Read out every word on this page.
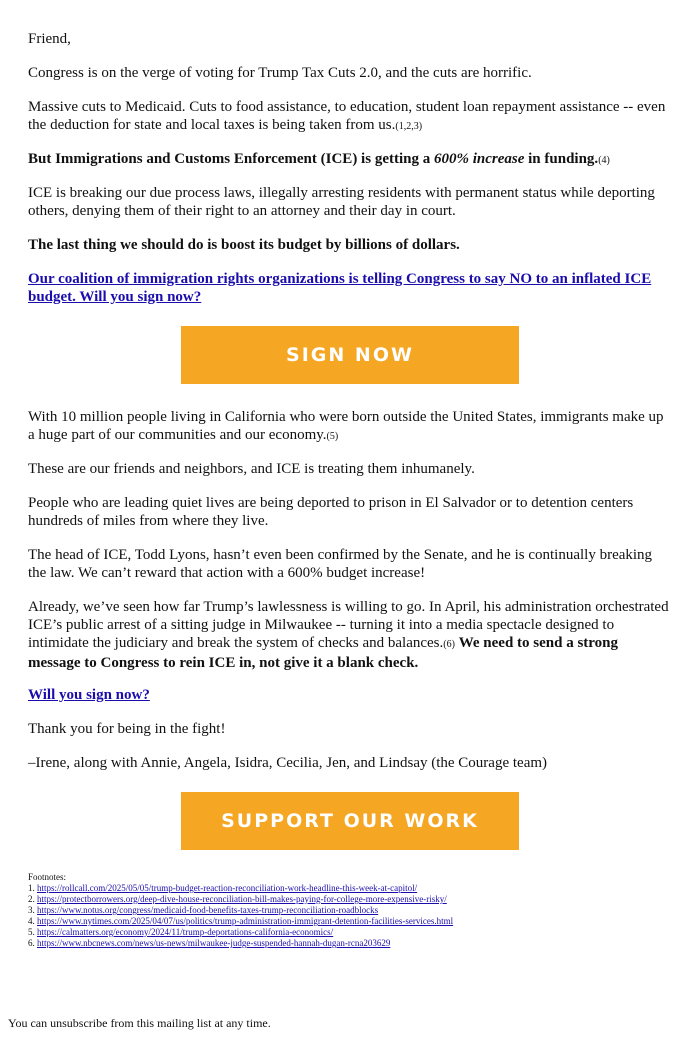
Friend,

Congress is on the verge of voting for Trump Tax Cuts 2.0, and the cuts are horrific.

Massive cuts to Medicaid. Cuts to food assistance, to education, student loan repayment assistance -- even the deduction for state and local taxes is being taken from us.(1,2,3)

But Immigrations and Customs Enforcement (ICE) is getting a 600% increase in funding.(4)

ICE is breaking our due process laws, illegally arresting residents with permanent status while deporting others, denying them of their right to an attorney and their day in court.

The last thing we should do is boost its budget by billions of dollars.

Our coalition of immigration rights organizations is telling Congress to say NO to an inflated ICE budget. Will you sign now?

SIGN NOW

With 10 million people living in California who were born outside the United States, immigrants make up a huge part of our communities and our economy.(5)

These are our friends and neighbors, and ICE is treating them inhumanely.

People who are leading quiet lives are being deported to prison in El Salvador or to detention centers hundreds of miles from where they live.

The head of ICE, Todd Lyons, hasn’t even been confirmed by the Senate, and he is continually breaking the law. We can’t reward that action with a 600% budget increase!

Already, we’ve seen how far Trump’s lawlessness is willing to go. In April, his administration orchestrated ICE’s public arrest of a sitting judge in Milwaukee -- turning it into a media spectacle designed to intimidate the judiciary and break the system of checks and balances.(6) We need to send a strong message to Congress to rein ICE in, not give it a blank check.

Will you sign now?

Thank you for being in the fight!

–Irene, along with Annie, Angela, Isidra, Cecilia, Jen, and Lindsay (the Courage team)

SUPPORT OUR WORK
Footnotes:
1. https://rollcall.com/2025/05/05/trump-budget-reaction-reconciliation-work-headline-this-week-at-capitol/
2. https://protectborrowers.org/deep-dive-house-reconciliation-bill-makes-paying-for-college-more-expensive-risky/
3. https://www.notus.org/congress/medicaid-food-benefits-taxes-trump-reconciliation-roadblocks
4. https://www.nytimes.com/2025/04/07/us/politics/trump-administration-immigrant-detention-facilities-services.html
5. https://calmatters.org/economy/2024/11/trump-deportations-california-economics/
6. https://www.nbcnews.com/news/us-news/milwaukee-judge-suspended-hannah-dugan-rcna203629
You can unsubscribe from this mailing list at any time.
